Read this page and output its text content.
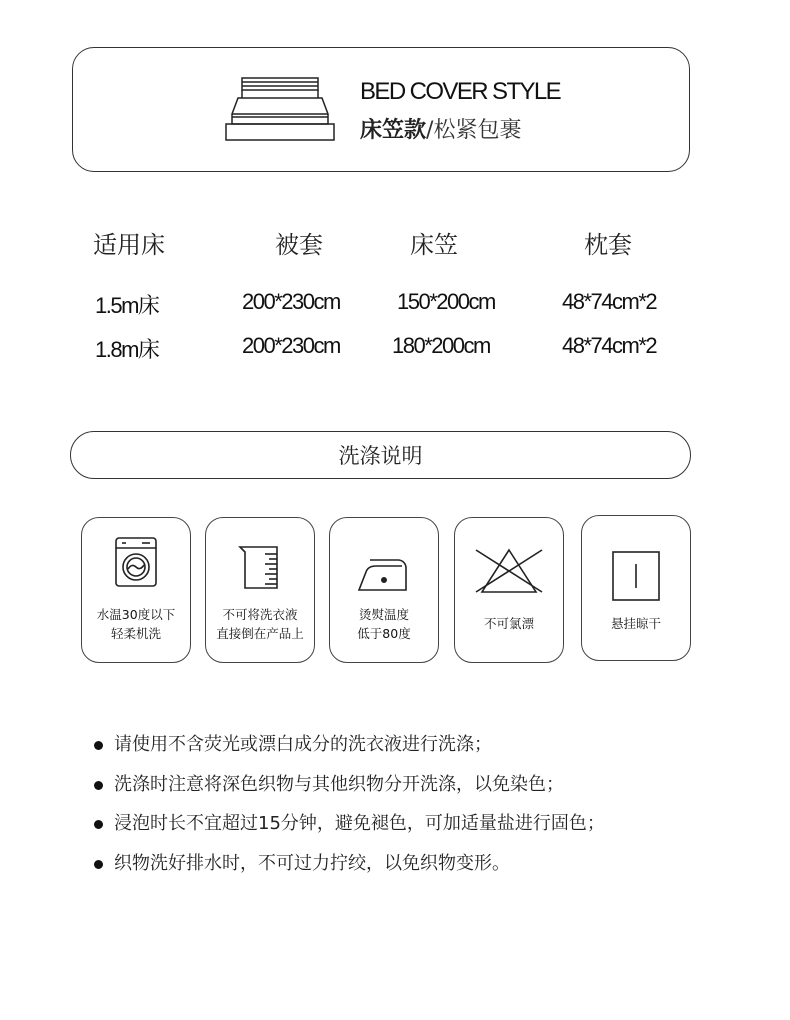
BED COVER STYLE
床笠款/松紧包裹
适用床	被套	床笠	枕套
1.5m床	200*230cm	150*200cm	48*74cm*2
1.8m床	200*230cm 180*200cm	48*74cm*2
洗涤说明
水温30度以下
轻柔机洗
不可将洗衣液
直接倒在产品上
烫熨温度
低于80度
不可氯漂	悬挂晾干
请使用不含荧光或漂白成分的洗衣液进行洗涤；
洗涤时注意将深色织物与其他织物分开洗涤，以免染色；
浸泡时长不宜超过15分钟，避免褪色，可加适量盐进行固色；
织物洗好排水时，不可过力拧绞，以免织物变形。
